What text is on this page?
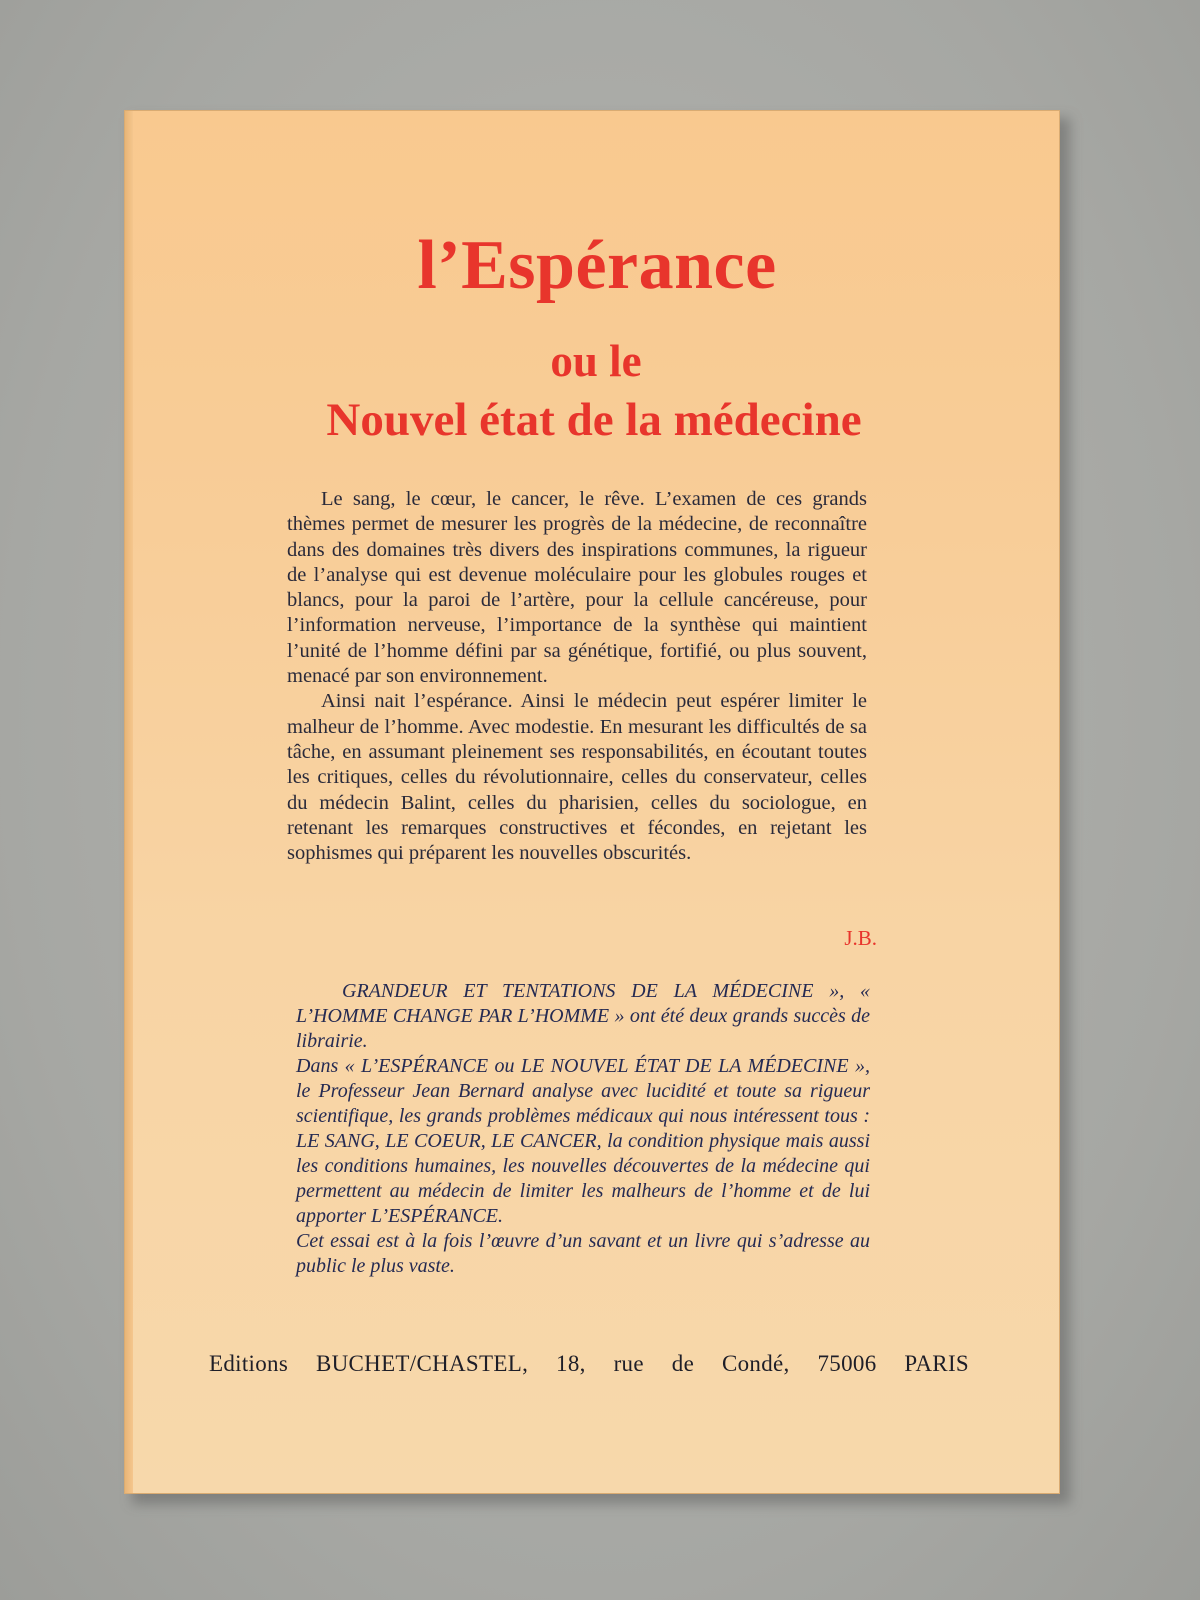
l’Espérance
ou le
Nouvel état de la médecine

Le sang, le cœur, le cancer, le rêve. L’examen de ces grands thèmes permet de mesurer les progrès de la médecine, de reconnaître dans des domaines très divers des inspirations communes, la rigueur de l’analyse qui est devenue moléculaire pour les globules rouges et blancs, pour la paroi de l’artère, pour la cellule cancéreuse, pour l’information nerveuse, l’importance de la synthèse qui maintient l’unité de l’homme défini par sa génétique, fortifié, ou plus souvent, menacé par son environnement.

Ainsi nait l’espérance. Ainsi le médecin peut espérer limiter le malheur de l’homme. Avec modestie. En mesurant les difficultés de sa tâche, en assumant pleinement ses responsabilités, en écoutant toutes les critiques, celles du révolutionnaire, celles du conservateur, celles du médecin Balint, celles du pharisien, celles du sociologue, en retenant les remarques constructives et fécondes, en rejetant les sophismes qui préparent les nouvelles obscurités.

J.B.

GRANDEUR ET TENTATIONS DE LA MÉDECINE », « L’HOMME CHANGE PAR L’HOMME » ont été deux grands succès de librairie.

Dans « L’ESPÉRANCE ou LE NOUVEL ÉTAT DE LA MÉDECINE », le Professeur Jean Bernard analyse avec lucidité et toute sa rigueur scientifique, les grands problèmes médicaux qui nous intéressent tous : LE SANG, LE COEUR, LE CANCER, la condition physique mais aussi les conditions humaines, les nouvelles découvertes de la médecine qui permettent au médecin de limiter les malheurs de l’homme et de lui apporter L’ESPÉRANCE.

Cet essai est à la fois l’œuvre d’un savant et un livre qui s’adresse au public le plus vaste.

Editions BUCHET/CHASTEL, 18, rue de Condé, 75006 PARIS
